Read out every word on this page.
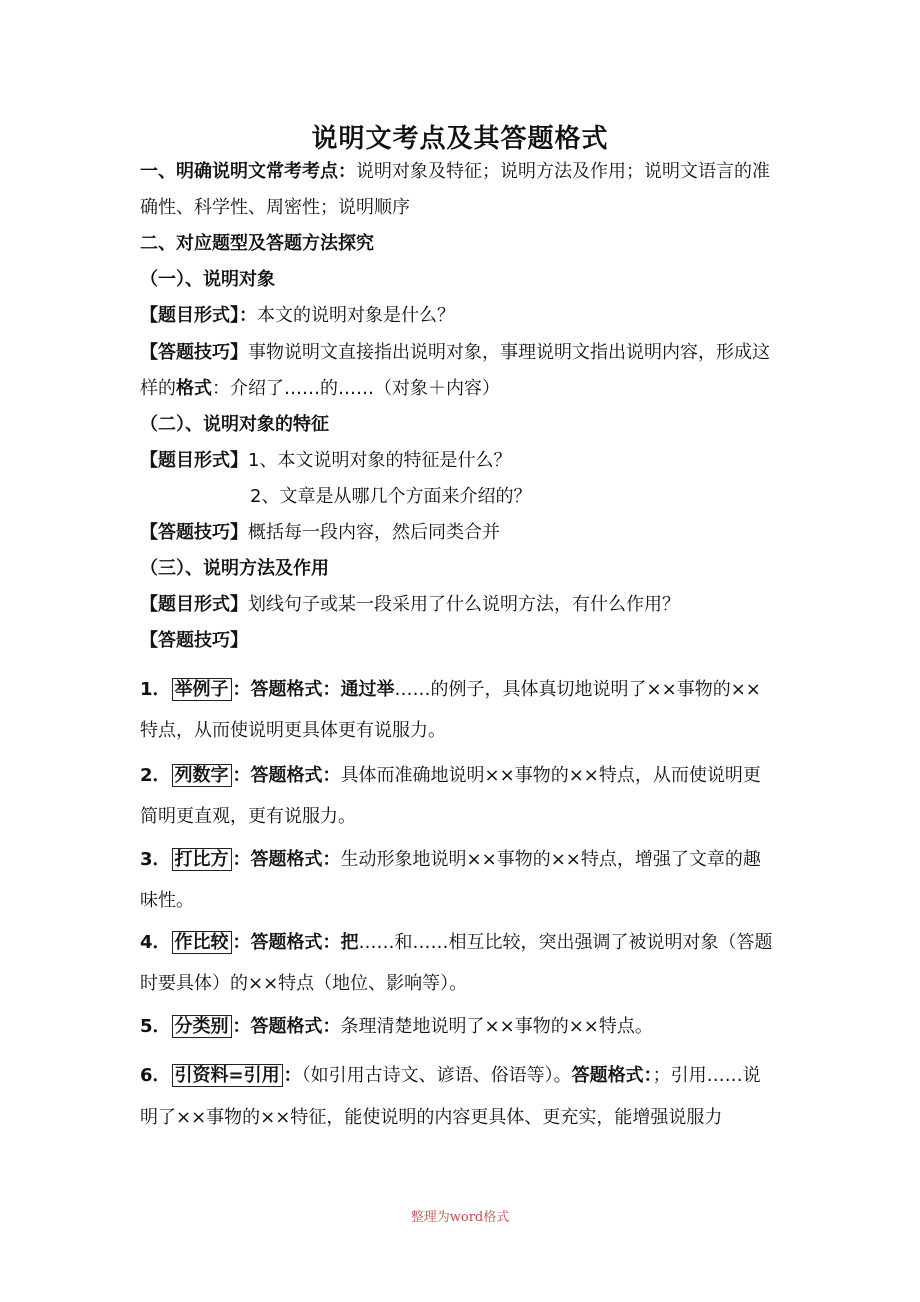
说明文考点及其答题格式
一、明确说明文常考考点：说明对象及特征；说明方法及作用；说明文语言的准
确性、科学性、周密性；说明顺序
二、对应题型及答题方法探究
（一）、说明对象
【题目形式】：本文的说明对象是什么？
【答题技巧】事物说明文直接指出说明对象，事理说明文指出说明内容，形成这
样的格式：介绍了……的……（对象＋内容）
（二）、说明对象的特征
【题目形式】1、本文说明对象的特征是什么？
2、文章是从哪几个方面来介绍的？
【答题技巧】概括每一段内容，然后同类合并
（三）、说明方法及作用
【题目形式】划线句子或某一段采用了什么说明方法，有什么作用？
【答题技巧】
1． 举例子 ：答题格式：通过举……的例子，具体真切地说明了××事物的××
特点，从而使说明更具体更有说服力。
2． 列数字 ：答题格式：具体而准确地说明××事物的××特点，从而使说明更
简明更直观，更有说服力。
3． 打比方 ：答题格式：生动形象地说明××事物的××特点，增强了文章的趣
味性。
4． 作比较 ：答题格式：把……和……相互比较，突出强调了被说明对象（答题
时要具体）的××特点（地位、影响等）。
5． 分类别 ：答题格式：条理清楚地说明了××事物的××特点。
6． 引资料=引用 ：（如引用古诗文、谚语、俗语等）。答题格式：；引用……说
明了××事物的××特征，能使说明的内容更具体、更充实，能增强说服力
整理为word格式
